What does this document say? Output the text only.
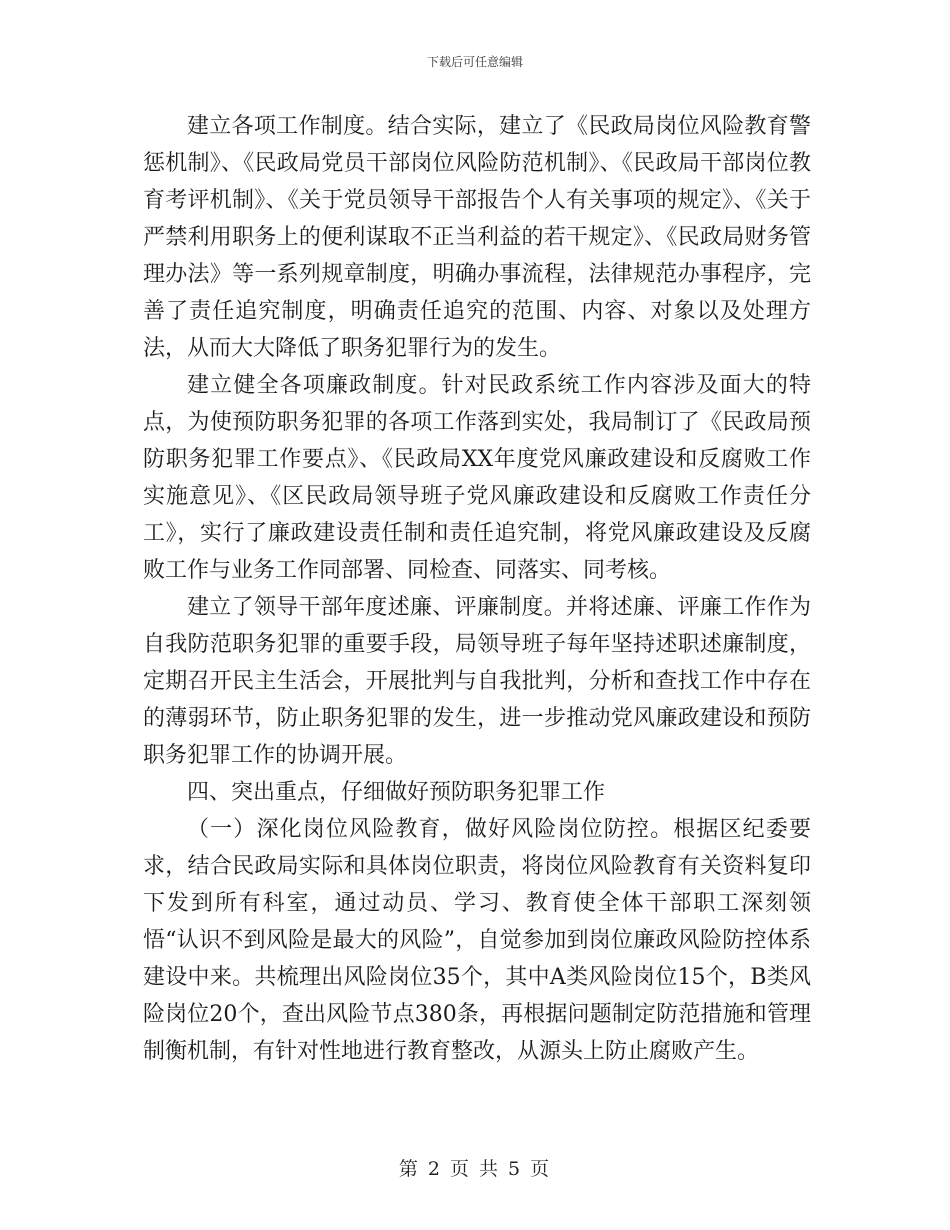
下载后可任意编辑

建立各项工作制度。结合实际，建立了《民政局岗位风险教育警惩机制》、《民政局党员干部岗位风险防范机制》、《民政局干部岗位教育考评机制》、《关于党员领导干部报告个人有关事项的规定》、《关于严禁利用职务上的便利谋取不正当利益的若干规定》、《民政局财务管理办法》等一系列规章制度，明确办事流程，法律规范办事程序，完善了责任追究制度，明确责任追究的范围、内容、对象以及处理方法，从而大大降低了职务犯罪行为的发生。

建立健全各项廉政制度。针对民政系统工作内容涉及面大的特点，为使预防职务犯罪的各项工作落到实处，我局制订了《民政局预防职务犯罪工作要点》、《民政局XX年度党风廉政建设和反腐败工作实施意见》、《区民政局领导班子党风廉政建设和反腐败工作责任分工》，实行了廉政建设责任制和责任追究制，将党风廉政建设及反腐败工作与业务工作同部署、同检查、同落实、同考核。

建立了领导干部年度述廉、评廉制度。并将述廉、评廉工作作为自我防范职务犯罪的重要手段，局领导班子每年坚持述职述廉制度，定期召开民主生活会，开展批判与自我批判，分析和查找工作中存在的薄弱环节，防止职务犯罪的发生，进一步推动党风廉政建设和预防职务犯罪工作的协调开展。

四、突出重点，仔细做好预防职务犯罪工作

（一）深化岗位风险教育，做好风险岗位防控。根据区纪委要求，结合民政局实际和具体岗位职责，将岗位风险教育有关资料复印下发到所有科室，通过动员、学习、教育使全体干部职工深刻领悟“认识不到风险是最大的风险”，自觉参加到岗位廉政风险防控体系建设中来。共梳理出风险岗位35个，其中A类风险岗位15个，B类风险岗位20个，查出风险节点380条，再根据问题制定防范措施和管理制衡机制，有针对性地进行教育整改，从源头上防止腐败产生。

第 2 页 共 5 页
